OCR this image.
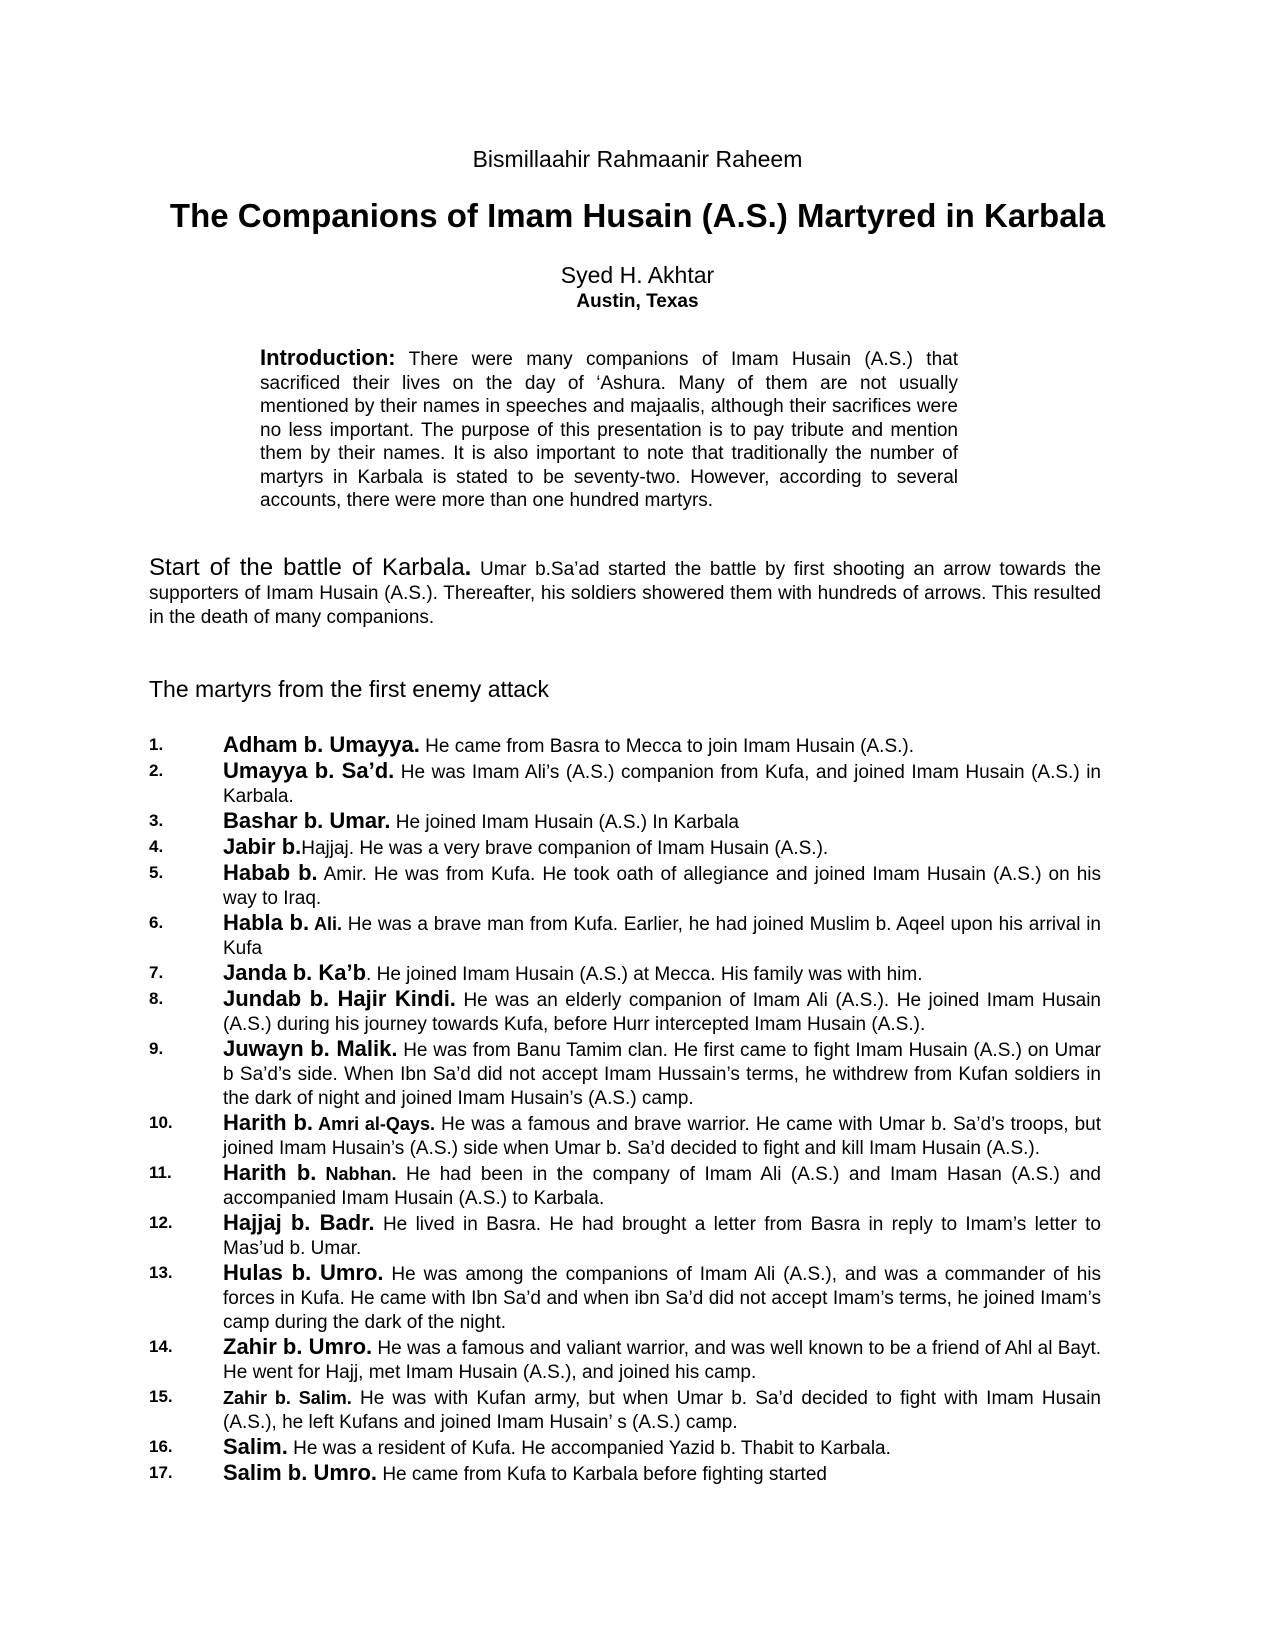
Bismillaahir Rahmaanir Raheem
The Companions of Imam Husain (A.S.) Martyred in Karbala
Syed H. Akhtar
Austin, Texas

Introduction: There were many companions of Imam Husain (A.S.) that sacrificed their lives on the day of ‘Ashura. Many of them are not usually mentioned by their names in speeches and majaalis, although their sacrifices were no less important. The purpose of this presentation is to pay tribute and mention them by their names. It is also important to note that traditionally the number of martyrs in Karbala is stated to be seventy-two. However, according to several accounts, there were more than one hundred martyrs.

Start of the battle of Karbala. Umar b.Sa’ad started the battle by first shooting an arrow towards the supporters of Imam Husain (A.S.). Thereafter, his soldiers showered them with hundreds of arrows. This resulted in the death of many companions.

The martyrs from the first enemy attack
1.	Adham b. Umayya. He came from Basra to Mecca to join Imam Husain (A.S.).
2.	Umayya b. Sa’d. He was Imam Ali’s (A.S.) companion from Kufa, and joined Imam Husain (A.S.) in Karbala.
3.	Bashar b. Umar. He joined Imam Husain (A.S.) In Karbala
4.	Jabir b.Hajjaj. He was a very brave companion of Imam Husain (A.S.).
5.	Habab b. Amir. He was from Kufa. He took oath of allegiance and joined Imam Husain (A.S.) on his way to Iraq.
6.	Habla b. Ali. He was a brave man from Kufa. Earlier, he had joined Muslim b. Aqeel upon his arrival in Kufa
7.	Janda b. Ka’b. He joined Imam Husain (A.S.) at Mecca. His family was with him.
8.	Jundab b. Hajir Kindi. He was an elderly companion of Imam Ali (A.S.). He joined Imam Husain (A.S.) during his journey towards Kufa, before Hurr intercepted Imam Husain (A.S.).
9.	Juwayn b. Malik. He was from Banu Tamim clan. He first came to fight Imam Husain (A.S.) on Umar b Sa’d’s side. When Ibn Sa’d did not accept Imam Hussain’s terms, he withdrew from Kufan soldiers in the dark of night and joined Imam Husain’s (A.S.) camp.
10.	Harith b. Amri al-Qays. He was a famous and brave warrior. He came with Umar b. Sa’d’s troops, but joined Imam Husain’s (A.S.) side when Umar b. Sa’d decided to fight and kill Imam Husain (A.S.).
11.	Harith b. Nabhan. He had been in the company of Imam Ali (A.S.) and Imam Hasan (A.S.) and accompanied Imam Husain (A.S.) to Karbala.
12.	Hajjaj b. Badr. He lived in Basra. He had brought a letter from Basra in reply to Imam’s letter to Mas’ud b. Umar.
13.	Hulas b. Umro. He was among the companions of Imam Ali (A.S.), and was a commander of his forces in Kufa. He came with Ibn Sa’d and when ibn Sa’d did not accept Imam’s terms, he joined Imam’s camp during the dark of the night.
14.	Zahir b. Umro. He was a famous and valiant warrior, and was well known to be a friend of Ahl al Bayt. He went for Hajj, met Imam Husain (A.S.), and joined his camp.
15.	Zahir b. Salim. He was with Kufan army, but when Umar b. Sa’d decided to fight with Imam Husain (A.S.), he left Kufans and joined Imam Husain’ s (A.S.) camp.
16.	Salim. He was a resident of Kufa. He accompanied Yazid b. Thabit to Karbala.
17.	Salim b. Umro. He came from Kufa to Karbala before fighting started
